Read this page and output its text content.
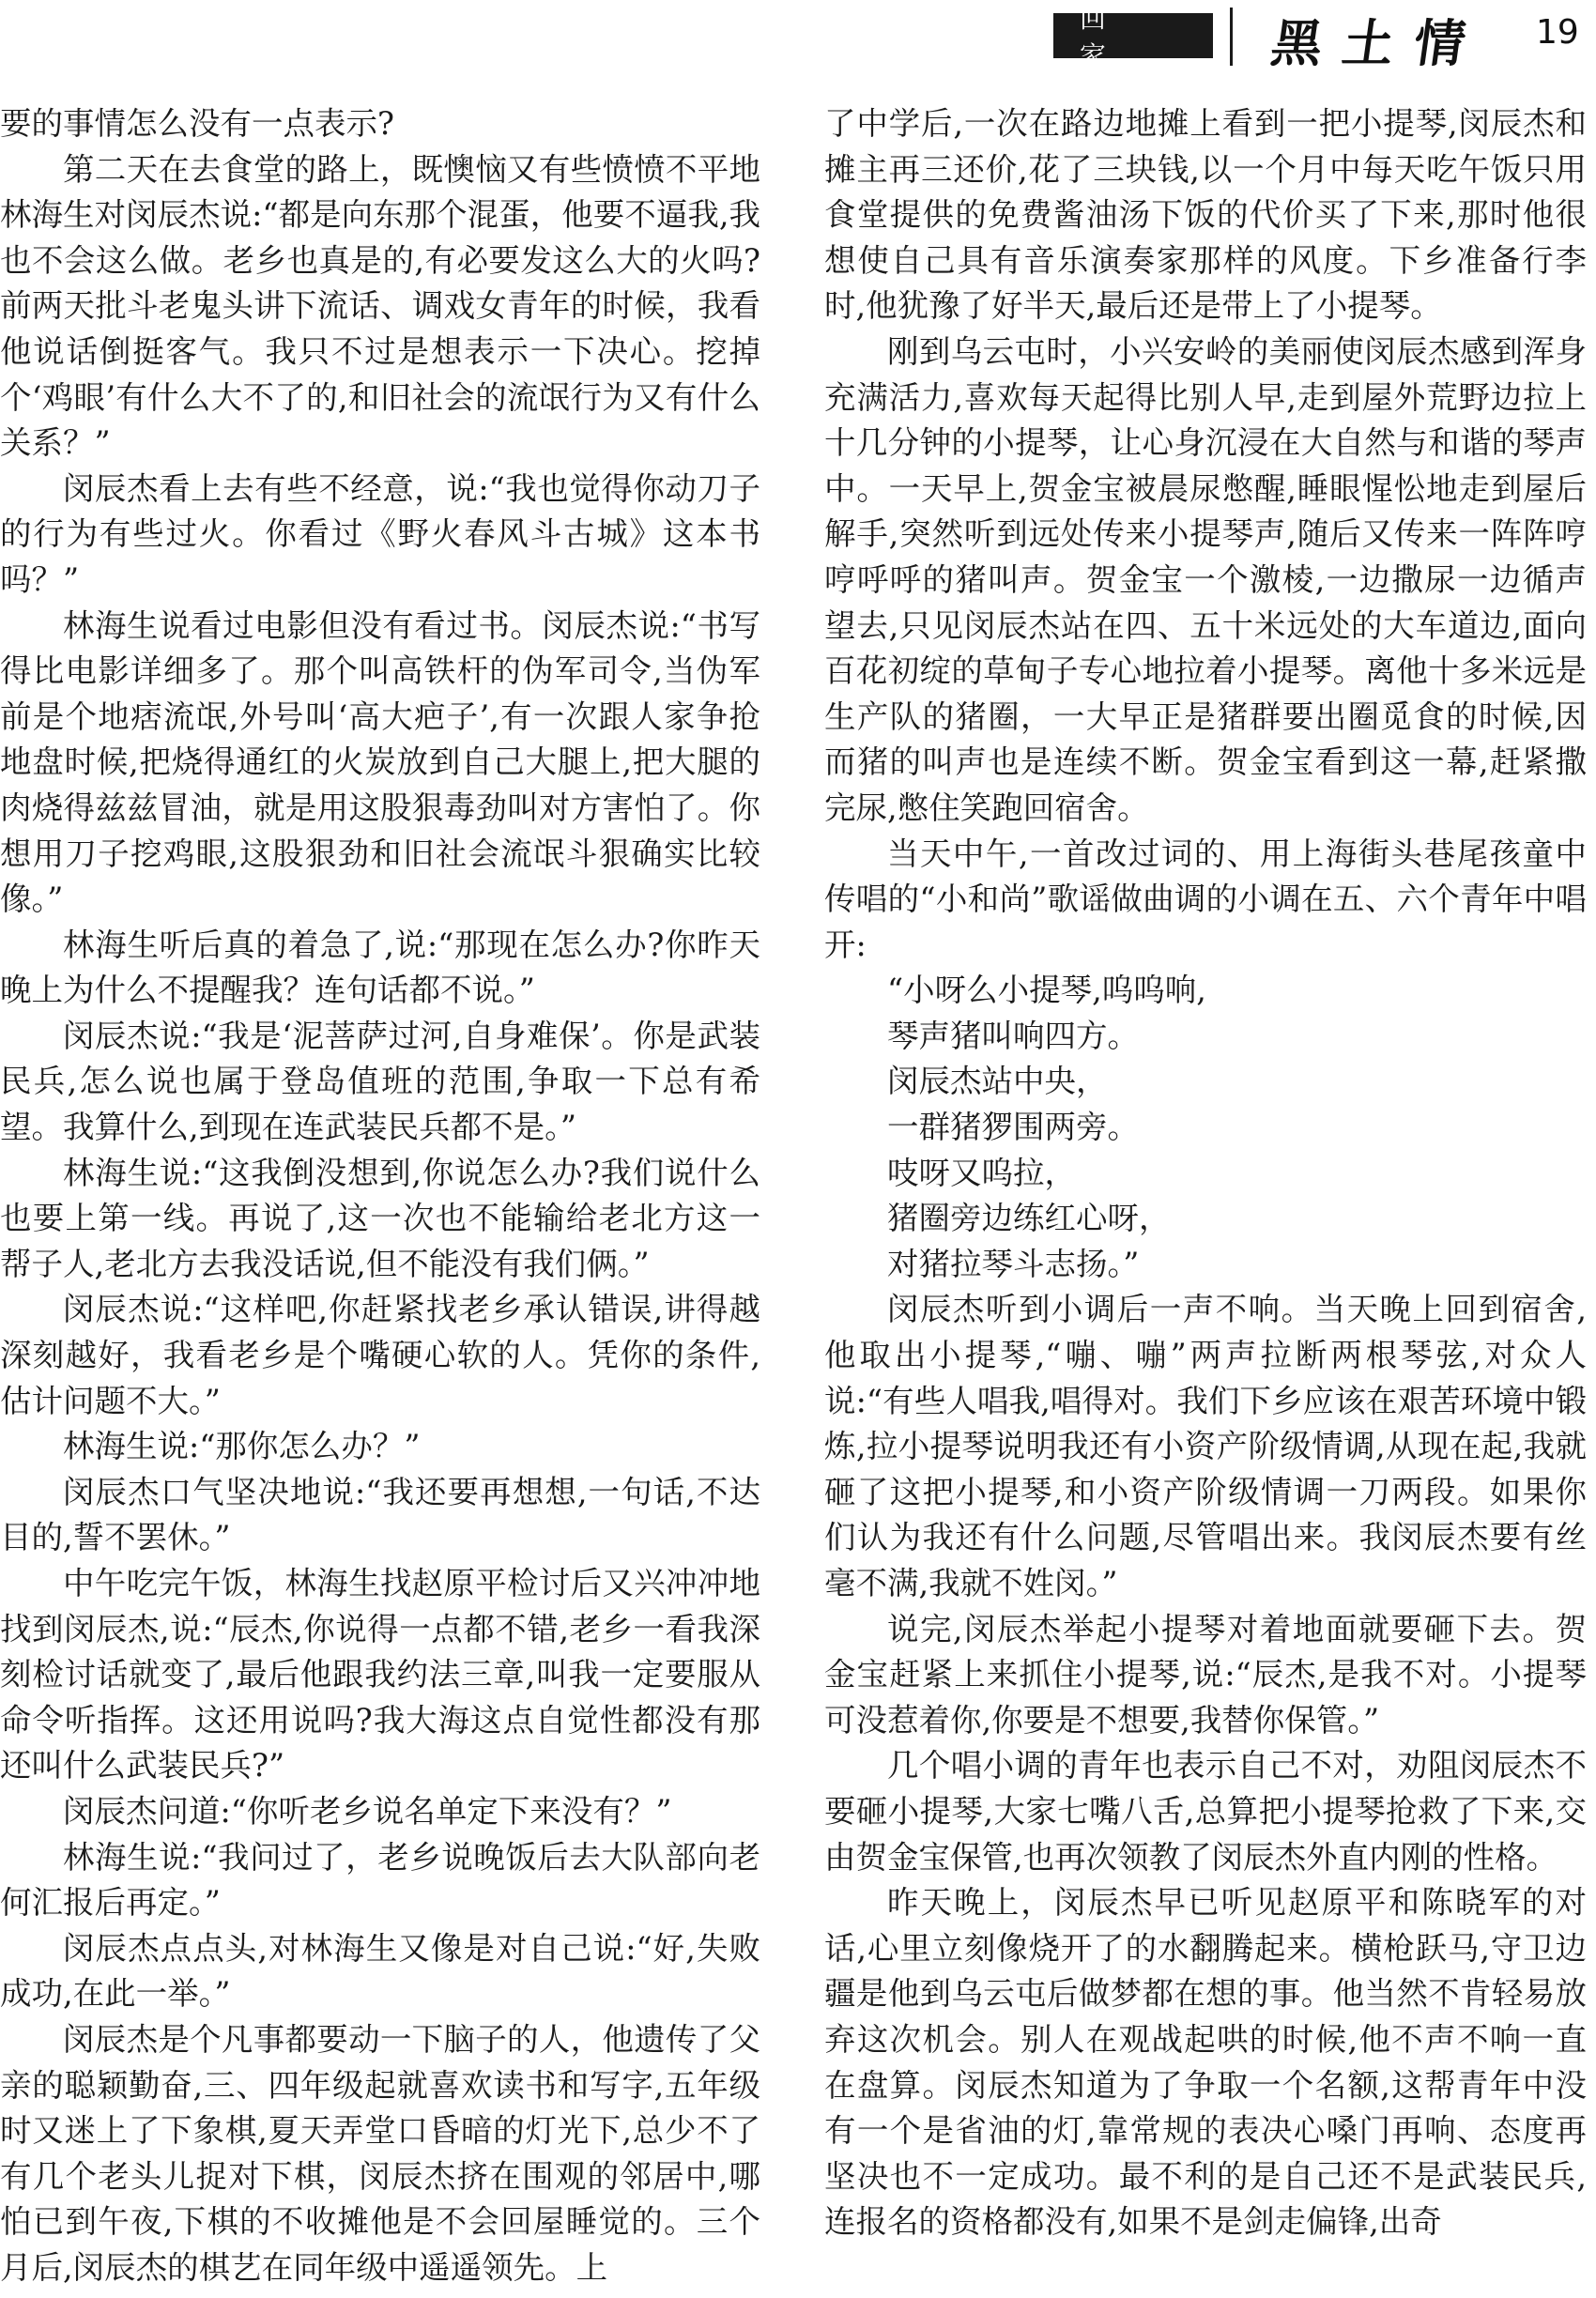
回 家	黑土情 19

要的事情怎么没有一点表示?

第二天在去食堂的路上，既懊恼又有些愤愤不平地林海生对闵辰杰说:“都是向东那个混蛋，他要不逼我,我也不会这么做。老乡也真是的,有必要发这么大的火吗?前两天批斗老鬼头讲下流话、调戏女青年的时候，我看他说话倒挺客气。我只不过是想表示一下决心。挖掉个‘鸡眼’有什么大不了的,和旧社会的流氓行为又有什么关系？”

闵辰杰看上去有些不经意，说:“我也觉得你动刀子的行为有些过火。你看过《野火春风斗古城》这本书吗？”

林海生说看过电影但没有看过书。闵辰杰说:“书写得比电影详细多了。那个叫高铁杆的伪军司令,当伪军前是个地痞流氓,外号叫‘高大疤子’,有一次跟人家争抢地盘时候,把烧得通红的火炭放到自己大腿上,把大腿的肉烧得兹兹冒油，就是用这股狠毒劲叫对方害怕了。你想用刀子挖鸡眼,这股狠劲和旧社会流氓斗狠确实比较像。”

林海生听后真的着急了,说:“那现在怎么办?你昨天晚上为什么不提醒我？连句话都不说。”

闵辰杰说:“我是‘泥菩萨过河,自身难保’。你是武装民兵,怎么说也属于登岛值班的范围,争取一下总有希望。我算什么,到现在连武装民兵都不是。”

林海生说:“这我倒没想到,你说怎么办?我们说什么也要上第一线。再说了,这一次也不能输给老北方这一帮子人,老北方去我没话说,但不能没有我们俩。”

闵辰杰说:“这样吧,你赶紧找老乡承认错误,讲得越深刻越好，我看老乡是个嘴硬心软的人。凭你的条件,估计问题不大。”

林海生说:“那你怎么办？”

闵辰杰口气坚决地说:“我还要再想想,一句话,不达目的,誓不罢休。”

中午吃完午饭，林海生找赵原平检讨后又兴冲冲地找到闵辰杰,说:“辰杰,你说得一点都不错,老乡一看我深刻检讨话就变了,最后他跟我约法三章,叫我一定要服从命令听指挥。这还用说吗?我大海这点自觉性都没有那还叫什么武装民兵?”

闵辰杰问道:“你听老乡说名单定下来没有？”

林海生说:“我问过了，老乡说晚饭后去大队部向老何汇报后再定。”

闵辰杰点点头,对林海生又像是对自己说:“好,失败成功,在此一举。”

闵辰杰是个凡事都要动一下脑子的人，他遗传了父亲的聪颖勤奋,三、四年级起就喜欢读书和写字,五年级时又迷上了下象棋,夏天弄堂口昏暗的灯光下,总少不了有几个老头儿捉对下棋，闵辰杰挤在围观的邻居中,哪怕已到午夜,下棋的不收摊他是不会回屋睡觉的。三个月后,闵辰杰的棋艺在同年级中遥遥领先。上

了中学后,一次在路边地摊上看到一把小提琴,闵辰杰和摊主再三还价,花了三块钱,以一个月中每天吃午饭只用食堂提供的免费酱油汤下饭的代价买了下来,那时他很想使自己具有音乐演奏家那样的风度。下乡准备行李时,他犹豫了好半天,最后还是带上了小提琴。

刚到乌云屯时，小兴安岭的美丽使闵辰杰感到浑身充满活力,喜欢每天起得比别人早,走到屋外荒野边拉上十几分钟的小提琴，让心身沉浸在大自然与和谐的琴声中。一天早上,贺金宝被晨尿憋醒,睡眼惺忪地走到屋后解手,突然听到远处传来小提琴声,随后又传来一阵阵哼哼呼呼的猪叫声。贺金宝一个激棱,一边撒尿一边循声望去,只见闵辰杰站在四、五十米远处的大车道边,面向百花初绽的草甸子专心地拉着小提琴。离他十多米远是生产队的猪圈，一大早正是猪群要出圈觅食的时候,因而猪的叫声也是连续不断。贺金宝看到这一幕,赶紧撒完尿,憋住笑跑回宿舍。

当天中午,一首改过词的、用上海街头巷尾孩童中传唱的“小和尚”歌谣做曲调的小调在五、六个青年中唱开:

“小呀么小提琴,呜呜响,

琴声猪叫响四方。

闵辰杰站中央，

一群猪猡围两旁。

吱呀又呜拉，

猪圈旁边练红心呀，

对猪拉琴斗志扬。”

闵辰杰听到小调后一声不响。当天晚上回到宿舍,他取出小提琴,“嘣、嘣”两声拉断两根琴弦,对众人说:“有些人唱我,唱得对。我们下乡应该在艰苦环境中锻炼,拉小提琴说明我还有小资产阶级情调,从现在起,我就砸了这把小提琴,和小资产阶级情调一刀两段。如果你们认为我还有什么问题,尽管唱出来。我闵辰杰要有丝毫不满,我就不姓闵。”

说完,闵辰杰举起小提琴对着地面就要砸下去。贺金宝赶紧上来抓住小提琴,说:“辰杰,是我不对。小提琴可没惹着你,你要是不想要,我替你保管。”

几个唱小调的青年也表示自己不对，劝阻闵辰杰不要砸小提琴,大家七嘴八舌,总算把小提琴抢救了下来,交由贺金宝保管,也再次领教了闵辰杰外直内刚的性格。

昨天晚上，闵辰杰早已听见赵原平和陈晓军的对话,心里立刻像烧开了的水翻腾起来。横枪跃马,守卫边疆是他到乌云屯后做梦都在想的事。他当然不肯轻易放弃这次机会。别人在观战起哄的时候,他不声不响一直在盘算。闵辰杰知道为了争取一个名额,这帮青年中没有一个是省油的灯,靠常规的表决心嗓门再响、态度再坚决也不一定成功。最不利的是自己还不是武装民兵,连报名的资格都没有,如果不是剑走偏锋,出奇
